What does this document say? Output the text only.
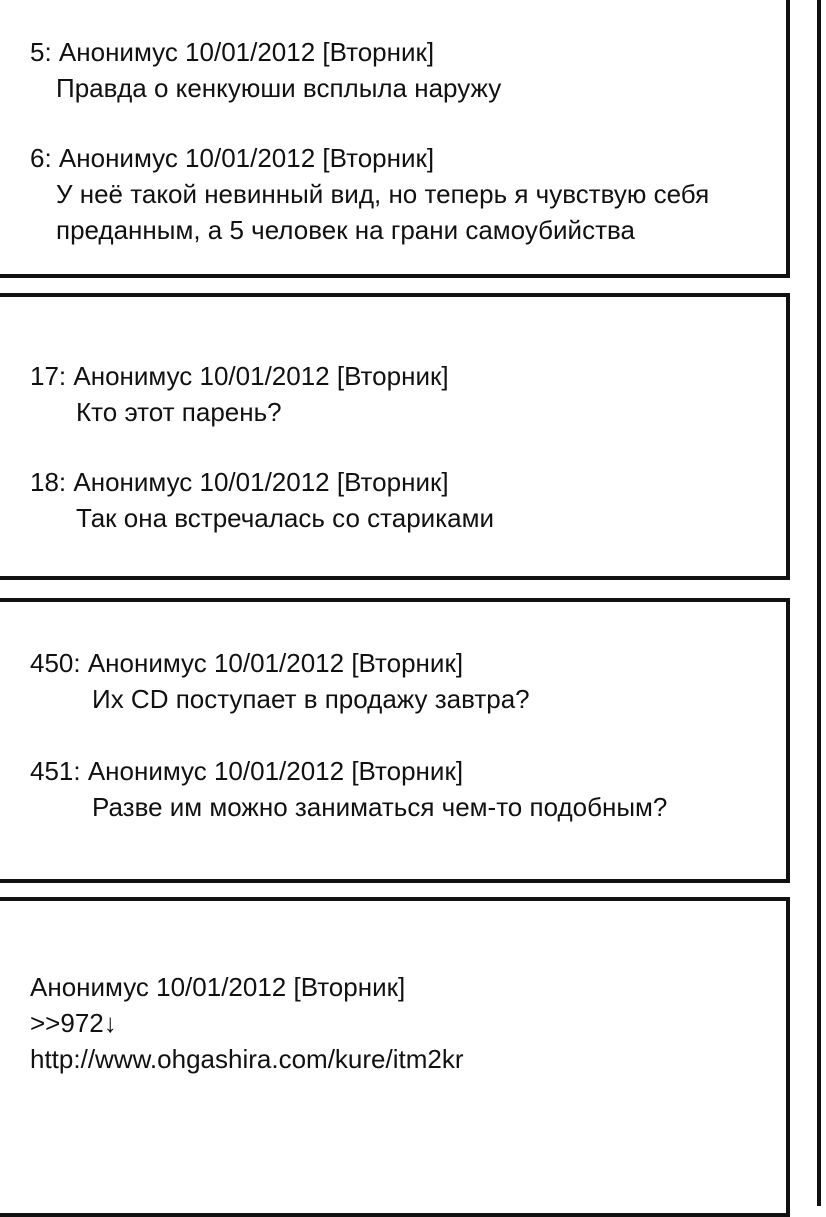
5: Анонимус 10/01/2012 [Вторник]

Правда о кенкуюши всплыла наружу

6: Анонимус 10/01/2012 [Вторник]

У неё такой невинный вид, но теперь я чувствую себя

преданным, а 5 человек на грани самоубийства

17: Анонимус 10/01/2012 [Вторник]

Кто этот парень?

18: Анонимус 10/01/2012 [Вторник]

Так она встречалась со стариками

450: Анонимус 10/01/2012 [Вторник]

Их CD поступает в продажу завтра?

451: Анонимус 10/01/2012 [Вторник]

Разве им можно заниматься чем-то подобным?

Анонимус 10/01/2012 [Вторник]

>>972↓

http://www.ohgashira.com/kure/itm2kr
